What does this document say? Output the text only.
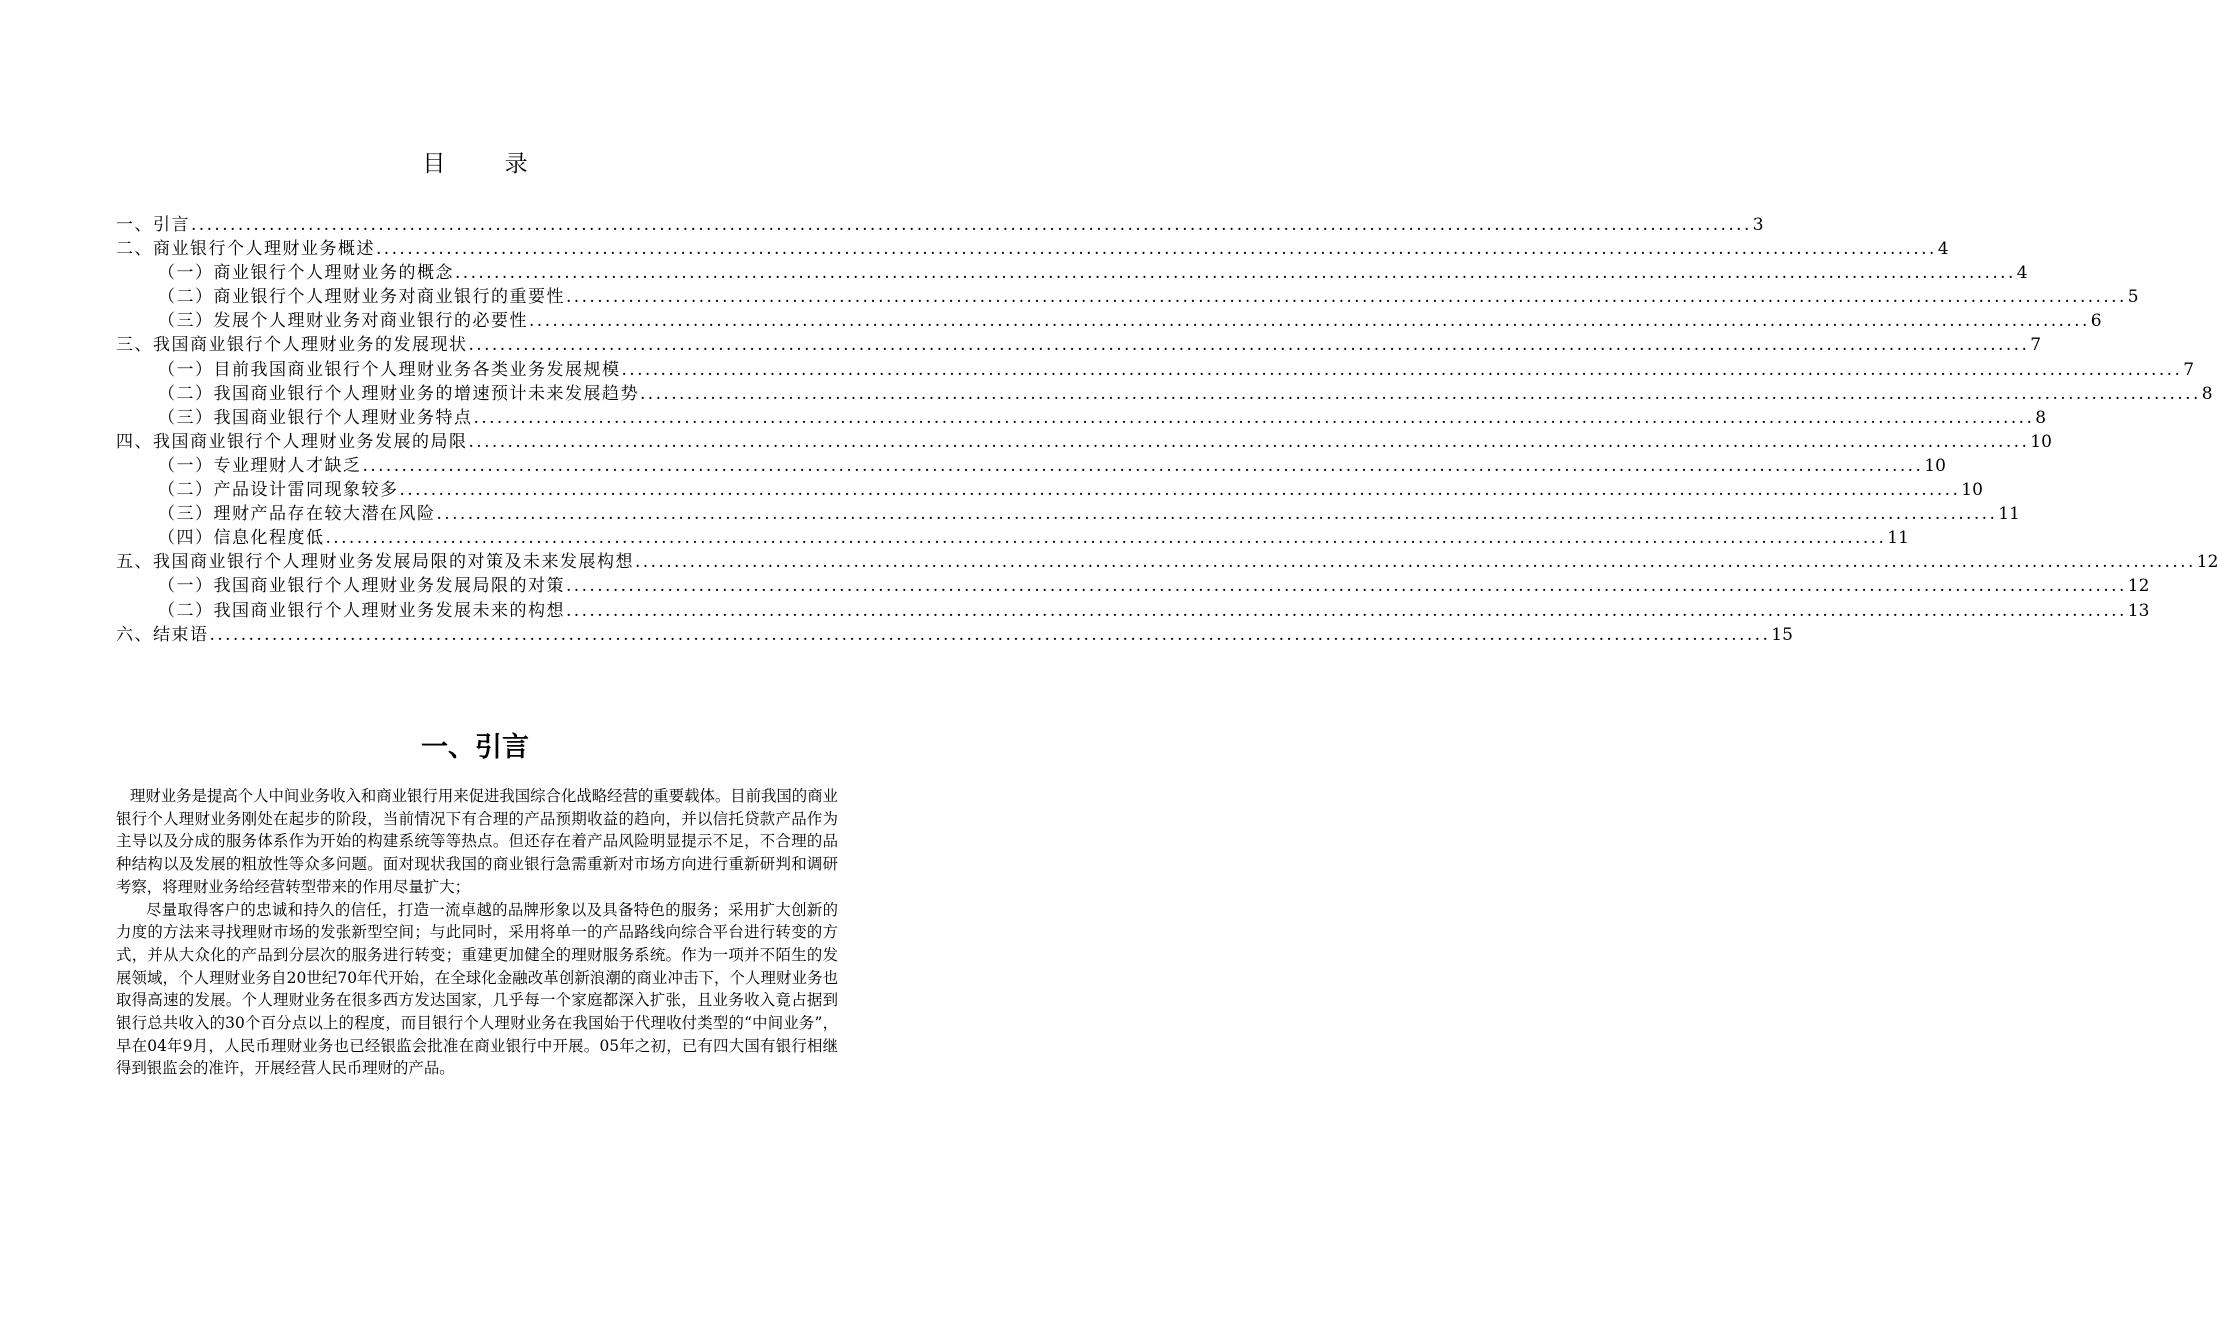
目 录
一、引言 ........................................................................................................................................................................................................ 3
二、商业银行个人理财业务概述 ........................................................................................................................................................................................................ 4
（一）商业银行个人理财业务的概念 ........................................................................................................................................................................................................ 4
（二）商业银行个人理财业务对商业银行的重要性 ........................................................................................................................................................................................................ 5
（三）发展个人理财业务对商业银行的必要性 ........................................................................................................................................................................................................ 6
三、我国商业银行个人理财业务的发展现状 ........................................................................................................................................................................................................ 7
（一）目前我国商业银行个人理财业务各类业务发展规模 ........................................................................................................................................................................................................ 7
（二）我国商业银行个人理财业务的增速预计未来发展趋势 ........................................................................................................................................................................................................ 8
（三）我国商业银行个人理财业务特点 ........................................................................................................................................................................................................ 8
四、我国商业银行个人理财业务发展的局限 ........................................................................................................................................................................................................ 10
（一）专业理财人才缺乏 ........................................................................................................................................................................................................ 10
（二）产品设计雷同现象较多 ........................................................................................................................................................................................................ 10
（三）理财产品存在较大潜在风险 ........................................................................................................................................................................................................ 11
（四）信息化程度低 ........................................................................................................................................................................................................ 11
五、我国商业银行个人理财业务发展局限的对策及未来发展构想 ........................................................................................................................................................................................................ 12
（一）我国商业银行个人理财业务发展局限的对策 ........................................................................................................................................................................................................ 12
（二）我国商业银行个人理财业务发展未来的构想 ........................................................................................................................................................................................................ 13
六、结束语 ........................................................................................................................................................................................................ 15
一、引言

理财业务是提高个人中间业务收入和商业银行用来促进我国综合化战略经营的重要载体。目前我国的商业银行个人理财业务刚处在起步的阶段，当前情况下有合理的产品预期收益的趋向，并以信托贷款产品作为主导以及分成的服务体系作为开始的构建系统等等热点。但还存在着产品风险明显提示不足，不合理的品种结构以及发展的粗放性等众多问题。面对现状我国的商业银行急需重新对市场方向进行重新研判和调研考察，将理财业务给经营转型带来的作用尽量扩大；

尽量取得客户的忠诚和持久的信任，打造一流卓越的品牌形象以及具备特色的服务；采用扩大创新的力度的方法来寻找理财市场的发张新型空间；与此同时，采用将单一的产品路线向综合平台进行转变的方式，并从大众化的产品到分层次的服务进行转变；重建更加健全的理财服务系统。作为一项并不陌生的发展领域，个人理财业务自20世纪70年代开始，在全球化金融改革创新浪潮的商业冲击下，个人理财业务也取得高速的发展。个人理财业务在很多西方发达国家，几乎每一个家庭都深入扩张，且业务收入竟占据到银行总共收入的30个百分点以上的程度，而目银行个人理财业务在我国始于代理收付类型的“中间业务”，早在04年9月，人民币理财业务也已经银监会批准在商业银行中开展。05年之初，已有四大国有银行相继得到银监会的准许，开展经营人民币理财的产品。
